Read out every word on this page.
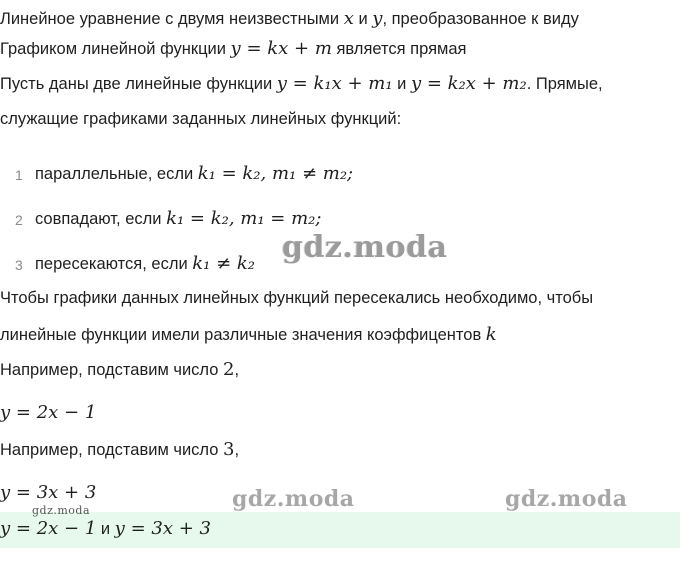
Линейное уравнение с двумя неизвестными x и y, преобразованное к виду
Графиком линейной функции y = kx + m является прямая
Пусть даны две линейные функции y = k₁x + m₁ и y = k₂x + m₂. Прямые,
служащие графиками заданных линейных функций:
1 параллельные, если k₁ = k₂, m₁ ≠ m₂;
2 совпадают, если k₁ = k₂, m₁ = m₂;
3 пересекаются, если k₁ ≠ k₂
Чтобы графики данных линейных функций пересекались необходимо, чтобы
линейные функции имели различные значения коэффицентов k
Например, подставим число 2,
y = 2x − 1
Например, подставим число 3,
y = 3x + 3
y = 2x − 1 и y = 3x + 3
gdz.moda
gdz.moda	gdz.moda
gdz.moda
